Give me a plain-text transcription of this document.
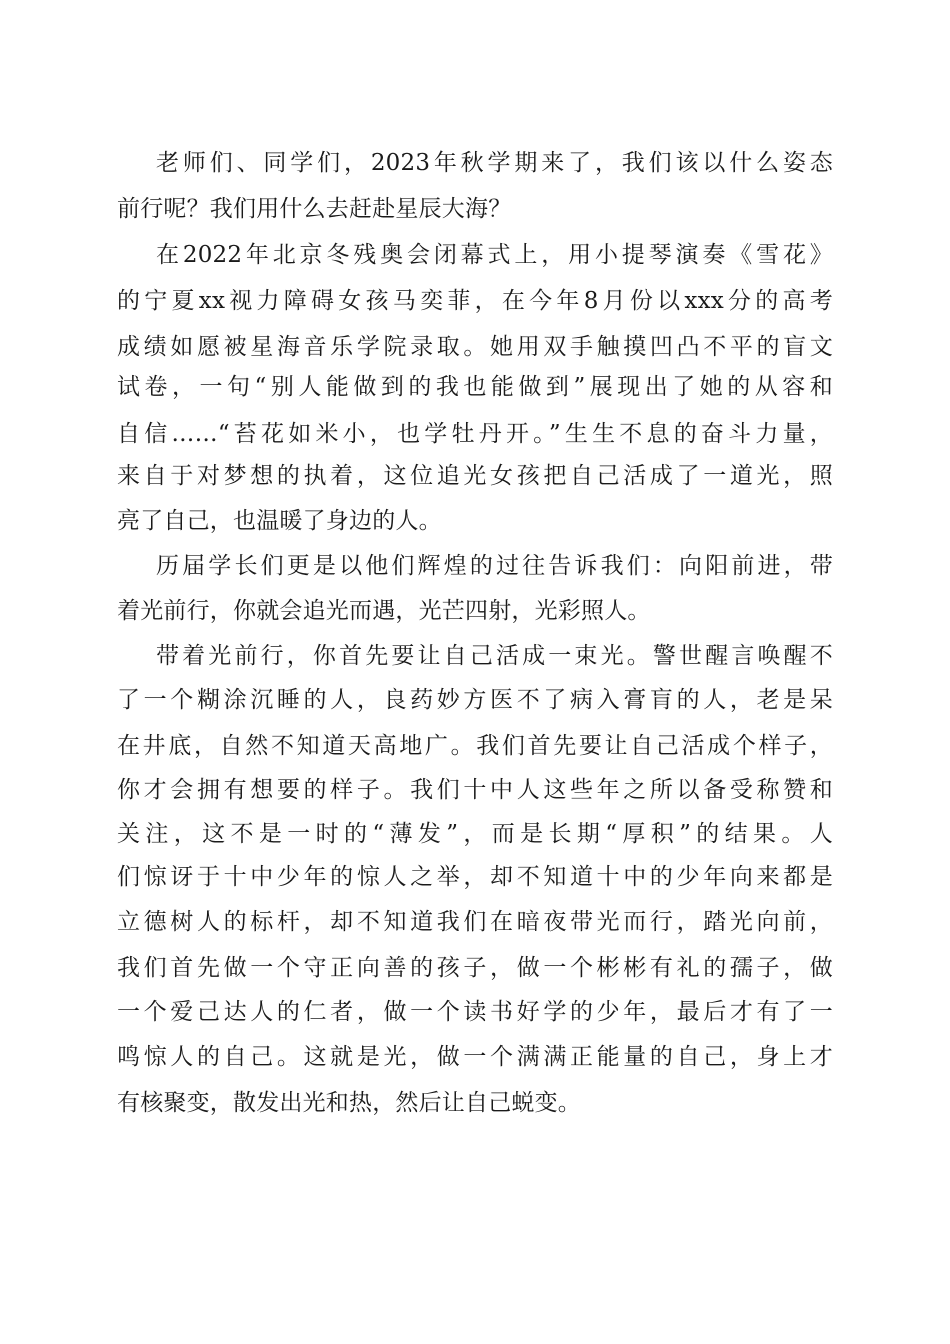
老师们、同学们，2023年秋学期来了，我们该以什么姿态

前行呢？我们用什么去赶赴星辰大海？

在2022年北京冬残奥会闭幕式上，用小提琴演奏《雪花》

的宁夏xx视力障碍女孩马奕菲，在今年8月份以xxx分的高考

成绩如愿被星海音乐学院录取。她用双手触摸凹凸不平的盲文

试卷，一句“别人能做到的我也能做到”展现出了她的从容和

自信……“苔花如米小，也学牡丹开。”生生不息的奋斗力量，

来自于对梦想的执着，这位追光女孩把自己活成了一道光，照

亮了自己，也温暖了身边的人。

历届学长们更是以他们辉煌的过往告诉我们：向阳前进，带

着光前行，你就会追光而遇，光芒四射，光彩照人。

带着光前行，你首先要让自己活成一束光。警世醒言唤醒不

了一个糊涂沉睡的人，良药妙方医不了病入膏肓的人，老是呆

在井底，自然不知道天高地广。我们首先要让自己活成个样子，

你才会拥有想要的样子。我们十中人这些年之所以备受称赞和

关注，这不是一时的“薄发”，而是长期“厚积”的结果。人

们惊讶于十中少年的惊人之举，却不知道十中的少年向来都是

立德树人的标杆，却不知道我们在暗夜带光而行，踏光向前，

我们首先做一个守正向善的孩子，做一个彬彬有礼的孺子，做

一个爱己达人的仁者，做一个读书好学的少年，最后才有了一

鸣惊人的自己。这就是光，做一个满满正能量的自己，身上才

有核聚变，散发出光和热，然后让自己蜕变。
